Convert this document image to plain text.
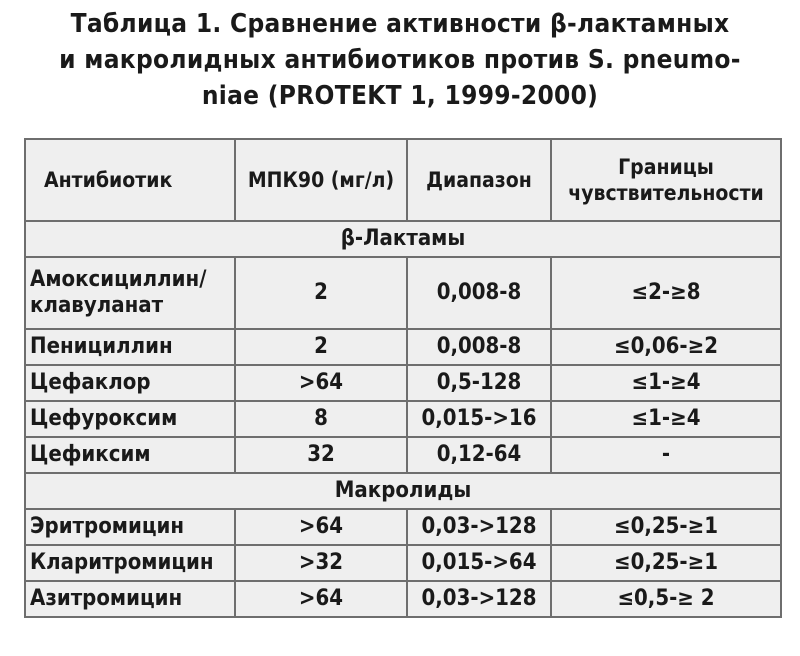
Таблица 1. Сравнение активности β-лактамных
и макролидных антибиотиков против S. pneumo-
niae (PROTEKT 1, 1999-2000)
Антибиотик	МПК90 (мг/л)	Диапазон	Границы
чувствительности

β-Лактамы			

Амоксициллин/
клавуланат	2	0,008-8	≤2-≥8
Пенициллин	2	0,008-8	≤0,06-≥2
Цефаклор	>64	0,5-128	≤1-≥4
Цефуроксим	8	0,015->16	≤1-≥4
Цефиксим	32	0,12-64	-
Макролиды			
Эритромицин	>64	0,03->128	≤0,25-≥1
Кларитромицин	>32	0,015->64	≤0,25-≥1
Азитромицин	>64	0,03->128	≤0,5-≥ 2
